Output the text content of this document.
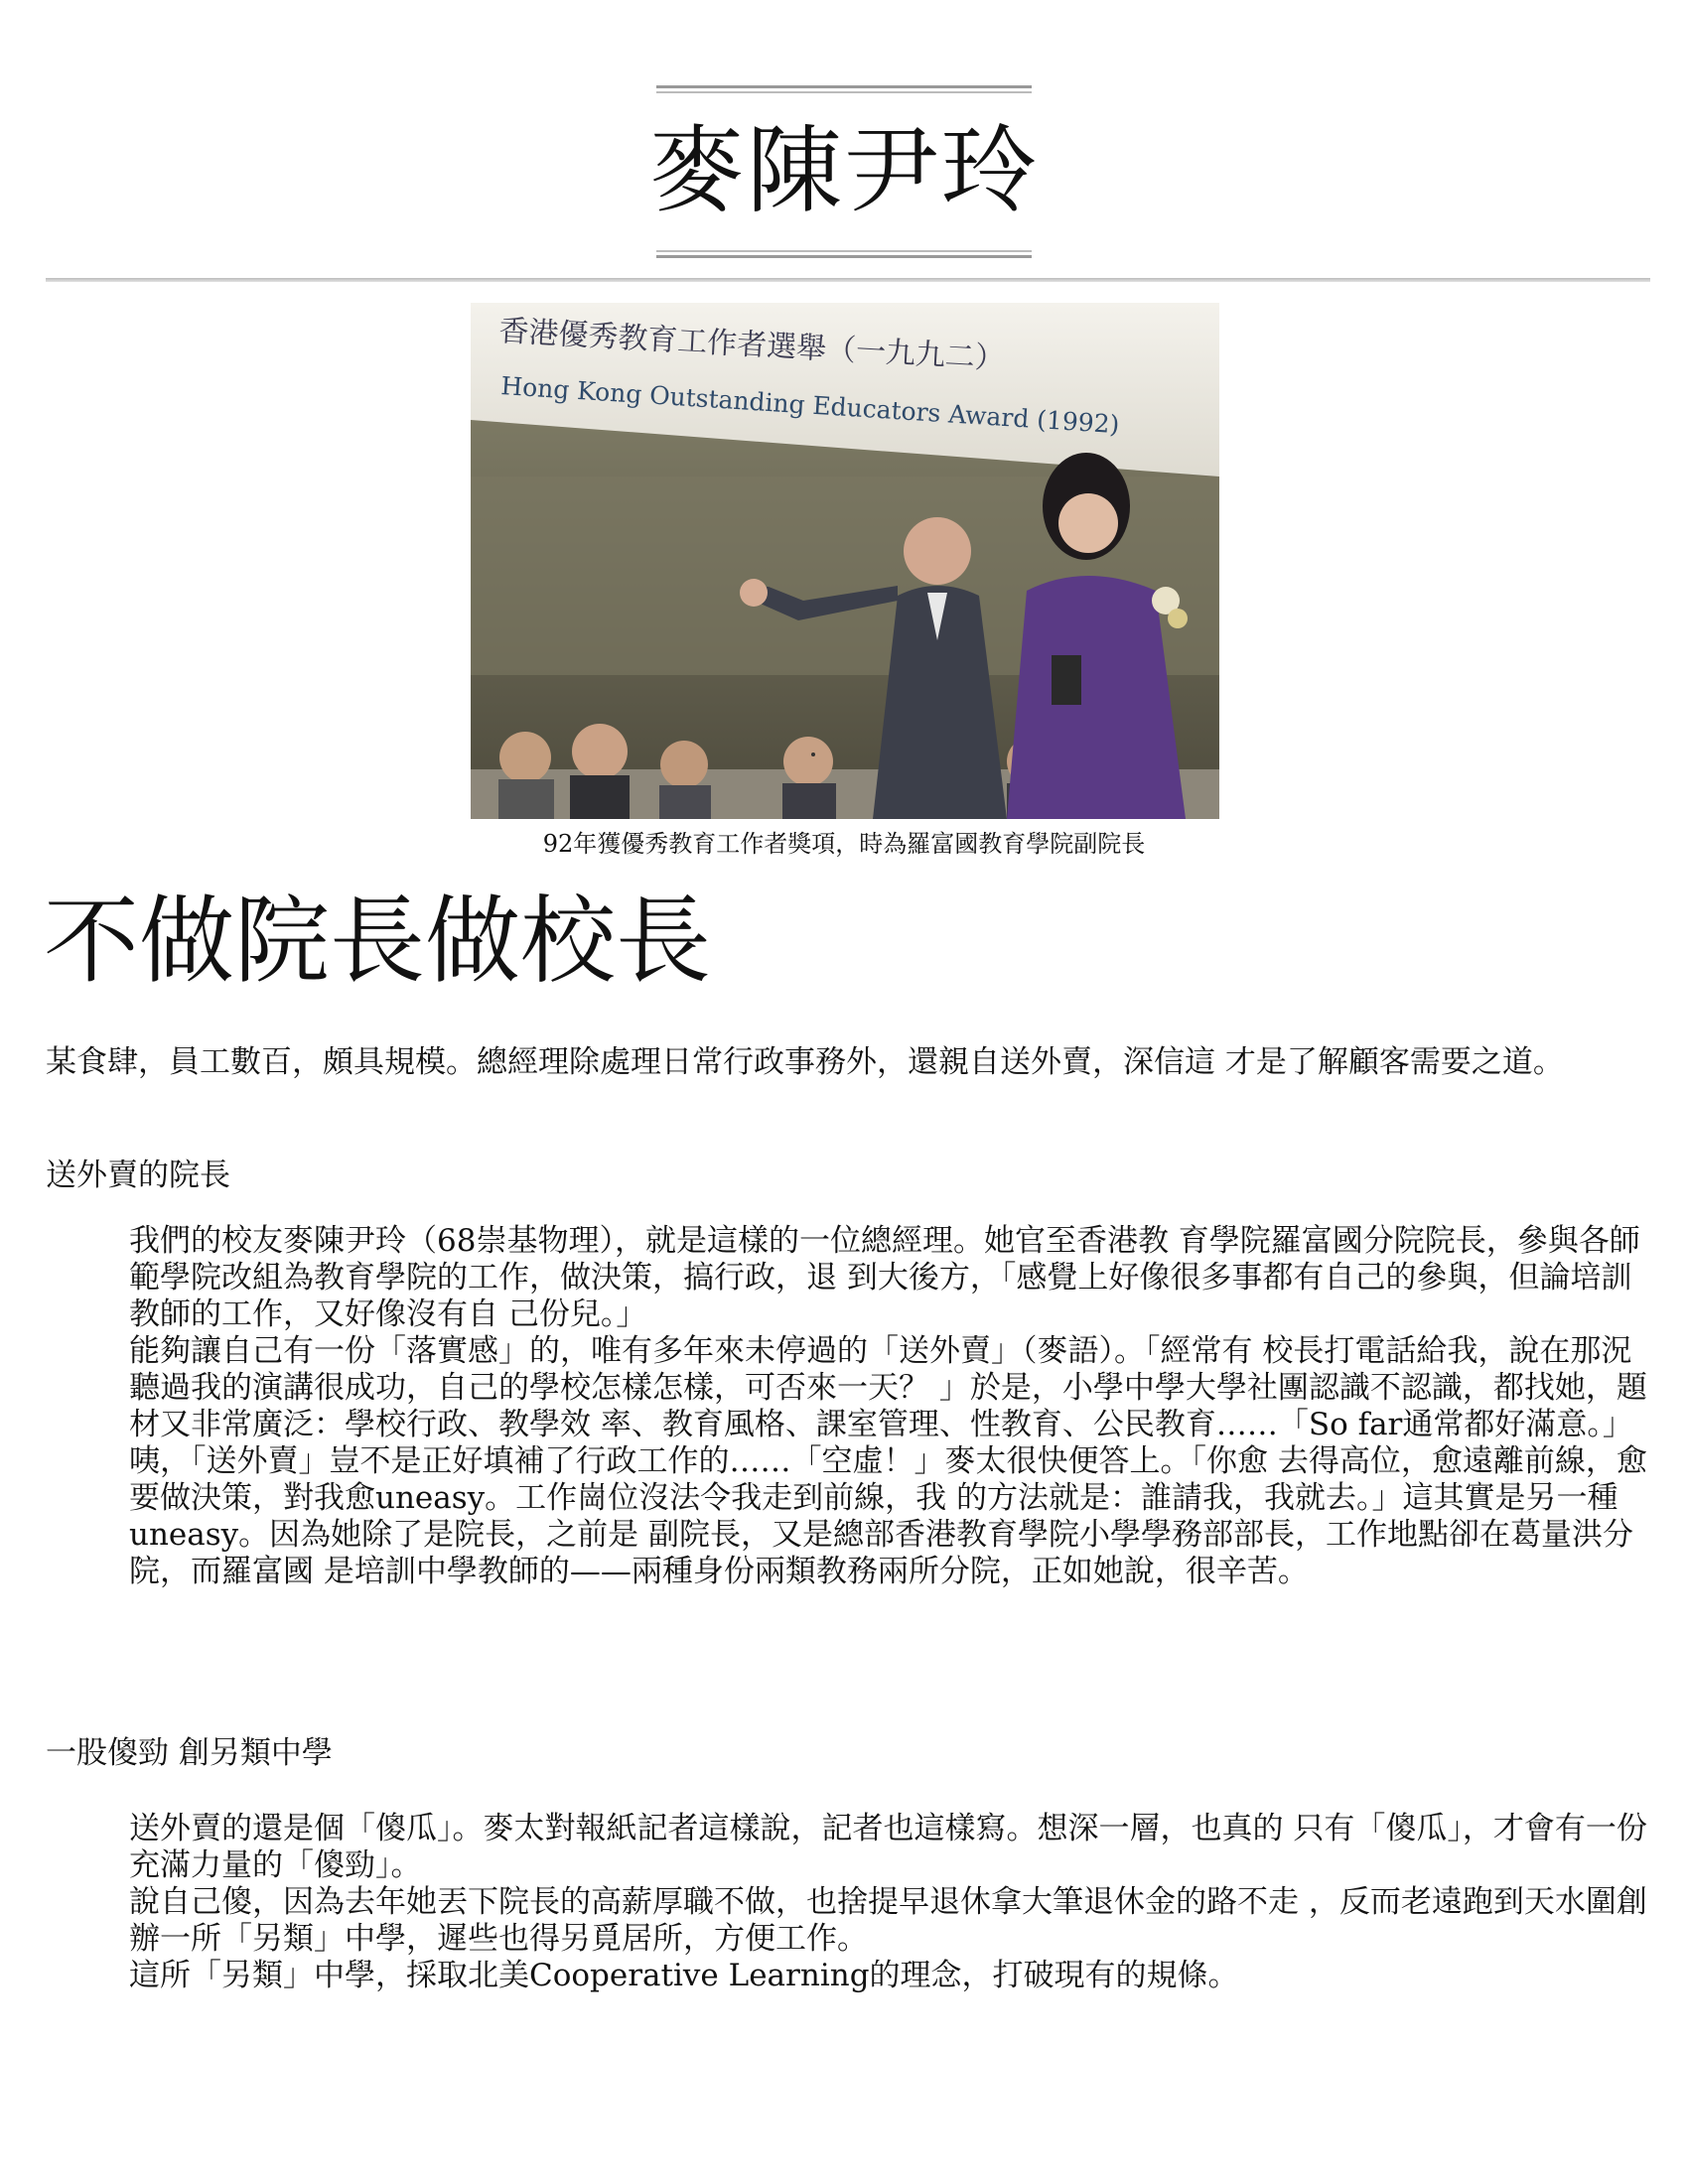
麥陳尹玲
香港優秀教育工作者選舉（一九九二）
Hong Kong Outstanding Educators Award (1992)
92年獲優秀教育工作者獎項，時為羅富國教育學院副院長
不做院長做校長

某食肆，員工數百，頗具規模。總經理除處理日常行政事務外，還親自送外賣，深信這 才是了解顧客需要之道。

送外賣的院長

我們的校友麥陳尹玲（68崇基物理），就是這樣的一位總經理。她官至香港教 育學院羅富國分院院長，參與各師範學院改組為教育學院的工作，做決策，搞行政，退 到大後方，「感覺上好像很多事都有自己的參與，但論培訓教師的工作，又好像沒有自 己份兒。」

能夠讓自己有一份「落實感」的，唯有多年來未停過的「送外賣」（麥語）。「經常有 校長打電話給我，說在那況聽過我的演講很成功，自己的學校怎樣怎樣，可否來一天？ 」於是，小學中學大學社團認識不認識，都找她，題材又非常廣泛：學校行政、教學效 率、教育風格、課室管理、性教育、公民教育……「So far通常都好滿意。」

咦，「送外賣」豈不是正好填補了行政工作的……「空虛！」麥太很快便答上。「你愈 去得高位，愈遠離前線，愈要做決策，對我愈uneasy。工作崗位沒法令我走到前線，我 的方法就是：誰請我，我就去。」這其實是另一種uneasy。因為她除了是院長，之前是 副院長，又是總部香港教育學院小學學務部部長，工作地點卻在葛量洪分院，而羅富國 是培訓中學教師的——兩種身份兩類教務兩所分院，正如她說，很辛苦。

一股傻勁 創另類中學

送外賣的還是個「傻瓜」。麥太對報紙記者這樣說，記者也這樣寫。想深一層，也真的 只有「傻瓜」，才會有一份充滿力量的「傻勁」。

說自己傻，因為去年她丟下院長的高薪厚職不做，也捨提早退休拿大筆退休金的路不走 ，反而老遠跑到天水圍創辦一所「另類」中學，遲些也得另覓居所，方便工作。

這所「另類」中學，採取北美Cooperative Learning的理念，打破現有的規條。
